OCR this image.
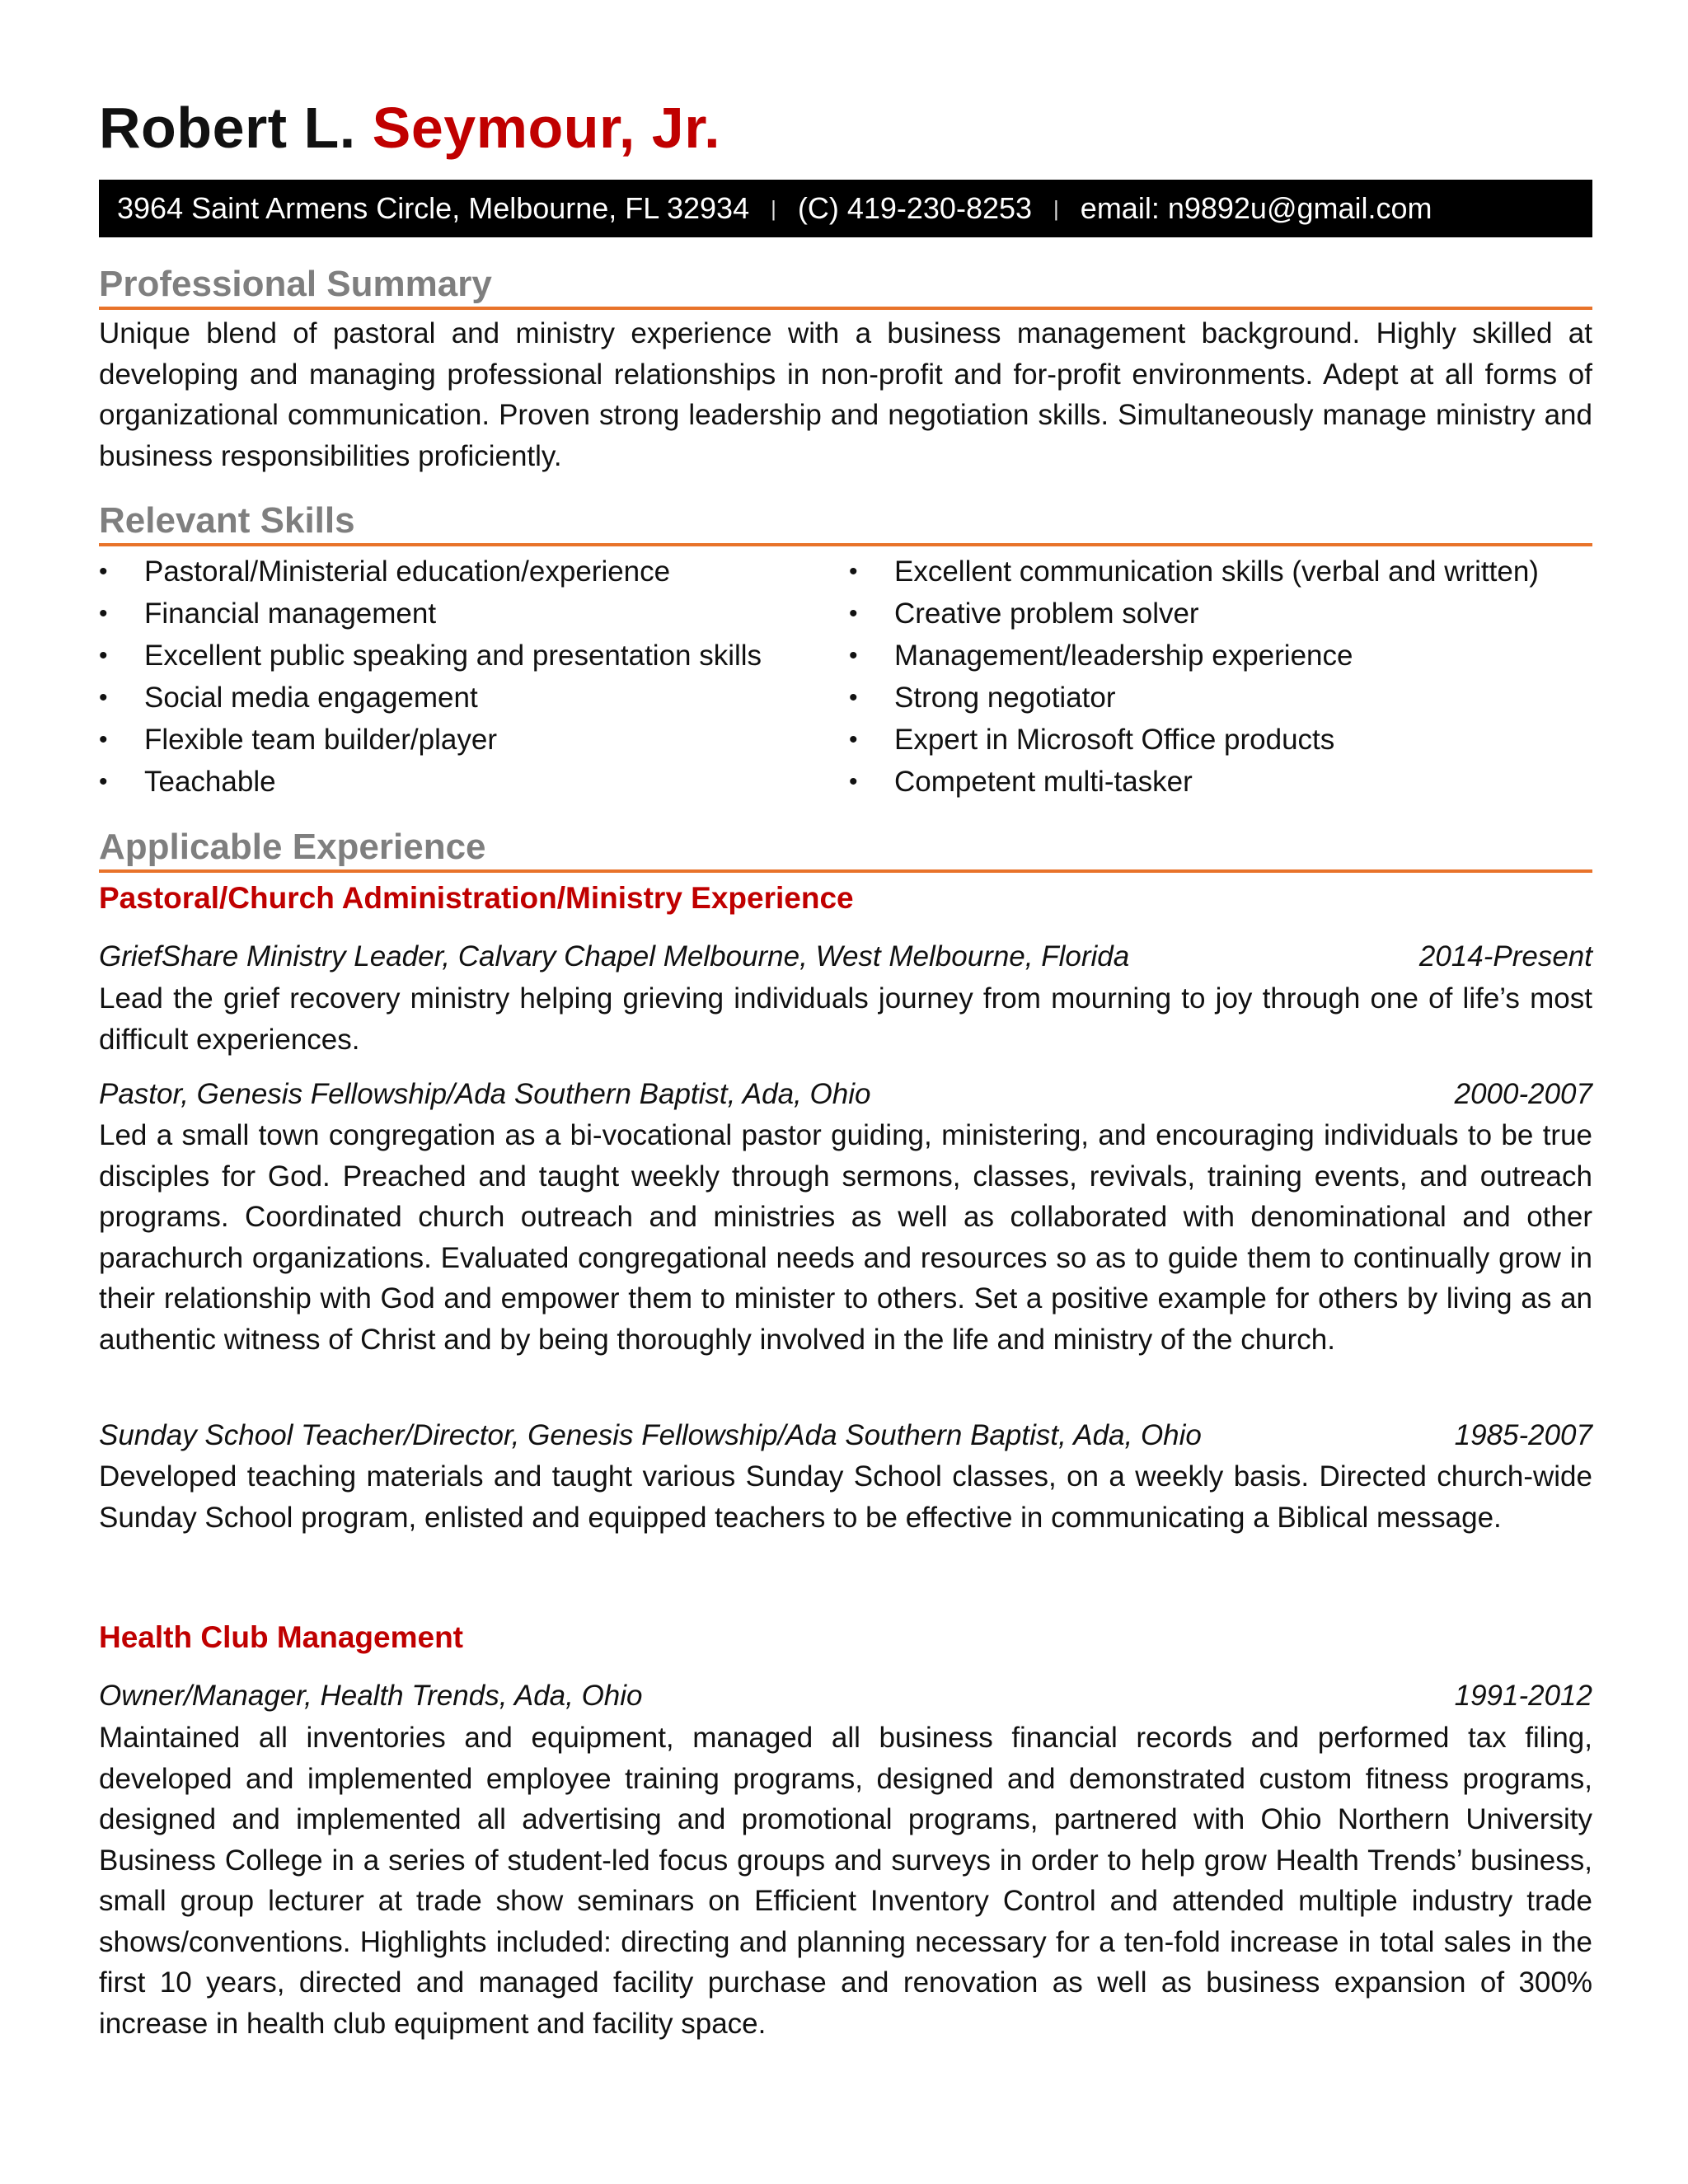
Robert L. Seymour, Jr.
3964 Saint Armens Circle, Melbourne, FL 32934 | (C) 419-230-8253 | email: n9892u@gmail.com
Professional Summary

Unique blend of pastoral and ministry experience with a business management background. Highly skilled at developing and managing professional relationships in non-profit and for-profit environments. Adept at all forms of organizational communication. Proven strong leadership and negotiation skills. Simultaneously manage ministry and business responsibilities proficiently.

Relevant Skills
• Pastoral/Ministerial education/experience
• Financial management
• Excellent public speaking and presentation skills
• Social media engagement
• Flexible team builder/player
• Teachable
• Excellent communication skills (verbal and written)
• Creative problem solver
• Management/leadership experience
• Strong negotiator
• Expert in Microsoft Office products
• Competent multi-tasker
Applicable Experience
Pastoral/Church Administration/Ministry Experience
GriefShare Ministry Leader, Calvary Chapel Melbourne, West Melbourne, Florida	2014-Present

Lead the grief recovery ministry helping grieving individuals journey from mourning to joy through one of life’s most difficult experiences.

Pastor, Genesis Fellowship/Ada Southern Baptist, Ada, Ohio	2000-2007

Led a small town congregation as a bi-vocational pastor guiding, ministering, and encouraging individuals to be true disciples for God. Preached and taught weekly through sermons, classes, revivals, training events, and outreach programs. Coordinated church outreach and ministries as well as collaborated with denominational and other parachurch organizations. Evaluated congregational needs and resources so as to guide them to continually grow in their relationship with God and empower them to minister to others. Set a positive example for others by living as an authentic witness of Christ and by being thoroughly involved in the life and ministry of the church.

Sunday School Teacher/Director, Genesis Fellowship/Ada Southern Baptist, Ada, Ohio	1985-2007

Developed teaching materials and taught various Sunday School classes, on a weekly basis. Directed church-wide Sunday School program, enlisted and equipped teachers to be effective in communicating a Biblical message.

Health Club Management
Owner/Manager, Health Trends, Ada, Ohio	1991-2012

Maintained all inventories and equipment, managed all business financial records and performed tax filing, developed and implemented employee training programs, designed and demonstrated custom fitness programs, designed and implemented all advertising and promotional programs, partnered with Ohio Northern University Business College in a series of student-led focus groups and surveys in order to help grow Health Trends’ business, small group lecturer at trade show seminars on Efficient Inventory Control and attended multiple industry trade shows/conventions. Highlights included: directing and planning necessary for a ten-fold increase in total sales in the first 10 years, directed and managed facility purchase and renovation as well as business expansion of 300% increase in health club equipment and facility space.
